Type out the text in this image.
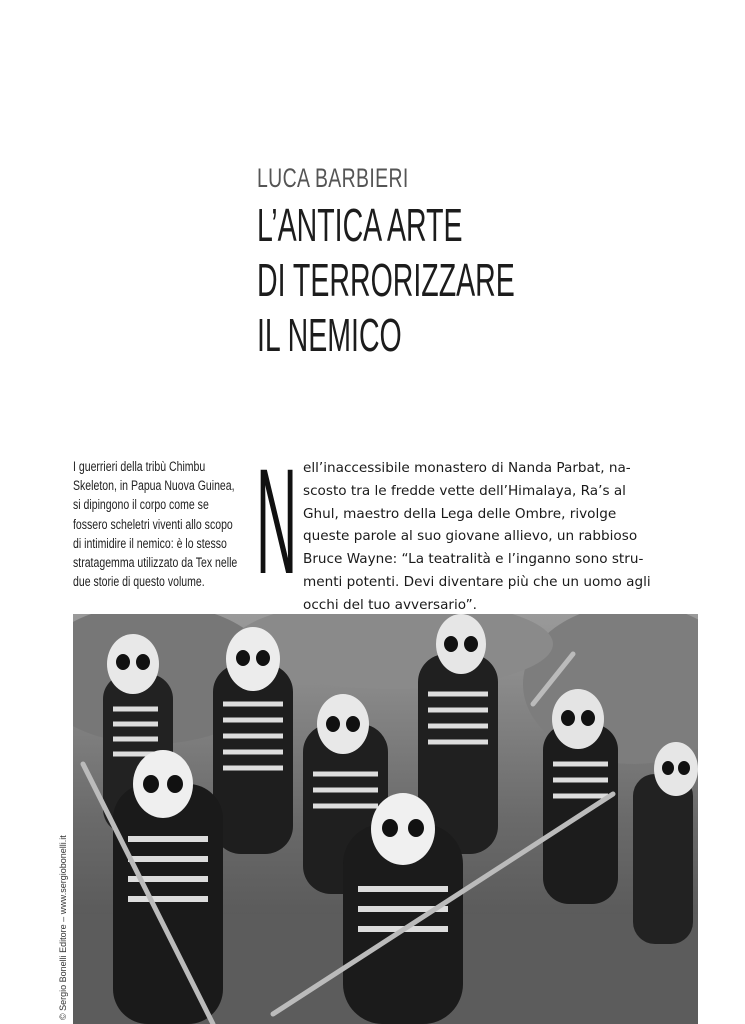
LUCA BARBIERI
L’ANTICA ARTE
DI TERRORIZZARE
IL NEMICO
I guerrieri della tribù Chimbu
Skeleton, in Papua Nuova Guinea,
si dipingono il corpo come se
fossero scheletri viventi allo scopo
di intimidire il nemico: è lo stesso
stratagemma utilizzato da Tex nelle
due storie di questo volume. N ell’inaccessibile monastero di Nanda Parbat, na-
scosto tra le fredde vette dell’Himalaya, Ra’s al
Ghul, maestro della Lega delle Ombre, rivolge
queste parole al suo giovane allievo, un rabbioso
Bruce Wayne: “La teatralità e l’inganno sono stru-
menti potenti. Devi diventare più che un uomo agli
occhi del tuo avversario”.
© Sergio Bonelli Editore – www.sergiobonelli.it
